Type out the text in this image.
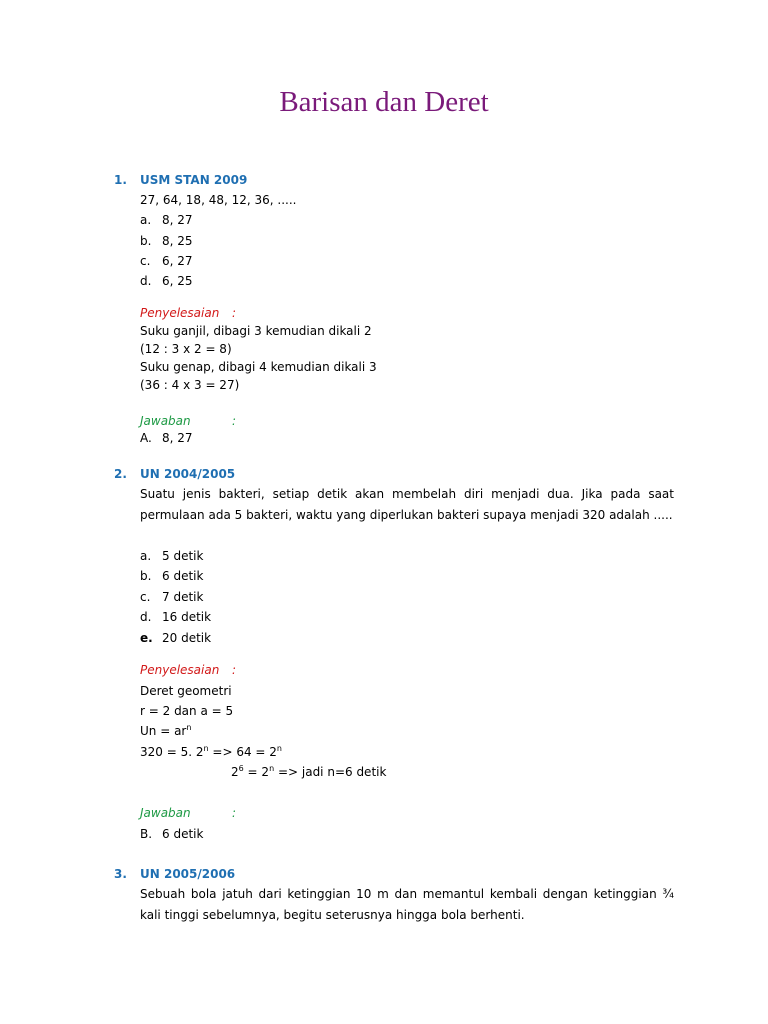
Barisan dan Deret
1. USM STAN 2009
27, 64, 18, 48, 12, 36, .....
a. 8, 27
b. 8, 25
c. 6, 27
d. 6, 25
Penyelesaian :
Suku ganjil, dibagi 3 kemudian dikali 2
(12 : 3 x 2 = 8)
Suku genap, dibagi 4 kemudian dikali 3
(36 : 4 x 3 = 27)
Jawaban	:
A. 8, 27
2. UN 2004/2005
Suatu jenis bakteri, setiap detik akan membelah diri menjadi dua. Jika pada saat permulaan ada 5 bakteri, waktu yang diperlukan bakteri supaya menjadi 320 adalah .....
a. 5 detik
b. 6 detik
c. 7 detik
d. 16 detik
e. 20 detik
Penyelesaian :
Deret geometri
r = 2 dan a = 5
$Un = ar^n$
320 = 5. $2^n => 64 = 2^n$
$2^6 = 2^n$ => jadi n=6 detik
Jawaban	:
B. 6 detik
3. UN 2005/2006
Sebuah bola jatuh dari ketinggian 10 m dan memantul kembali dengan ketinggian ¾ kali tinggi sebelumnya, begitu seterusnya hingga bola berhenti.
